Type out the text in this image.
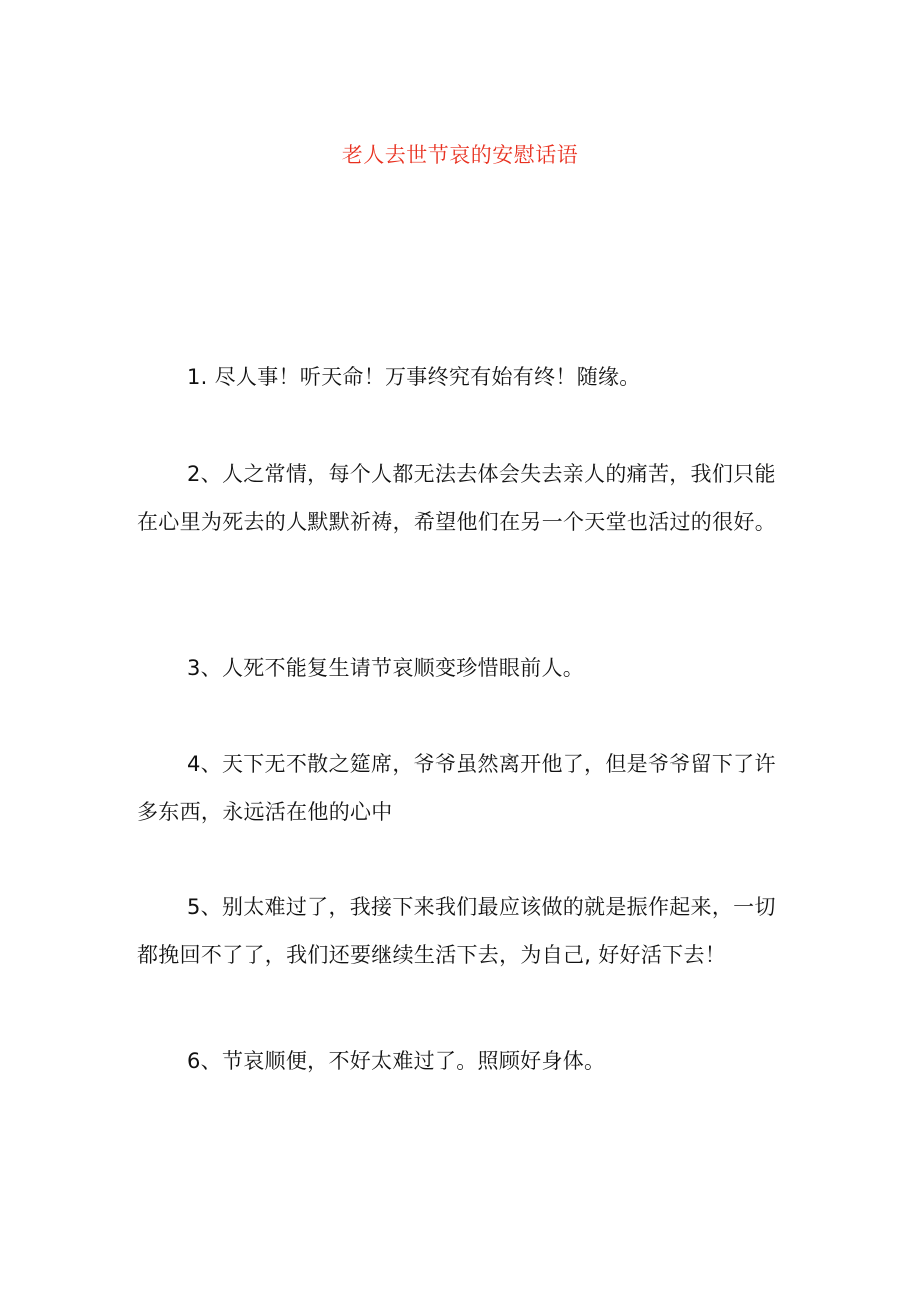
老人去世节哀的安慰话语
1. 尽人事！听天命！万事终究有始有终！随缘。
2、人之常情，每个人都无法去体会失去亲人的痛苦，我们只能在心里为死去的人默默祈祷，希望他们在另一个天堂也活过的很好。
3、人死不能复生请节哀顺变珍惜眼前人。
4、天下无不散之筵席，爷爷虽然离开他了，但是爷爷留下了许多东西，永远活在他的心中
5、别太难过了，我接下来我们最应该做的就是振作起来，一切都挽回不了了，我们还要继续生活下去，为自己, 好好活下去！
6、节哀顺便，不好太难过了。照顾好身体。
